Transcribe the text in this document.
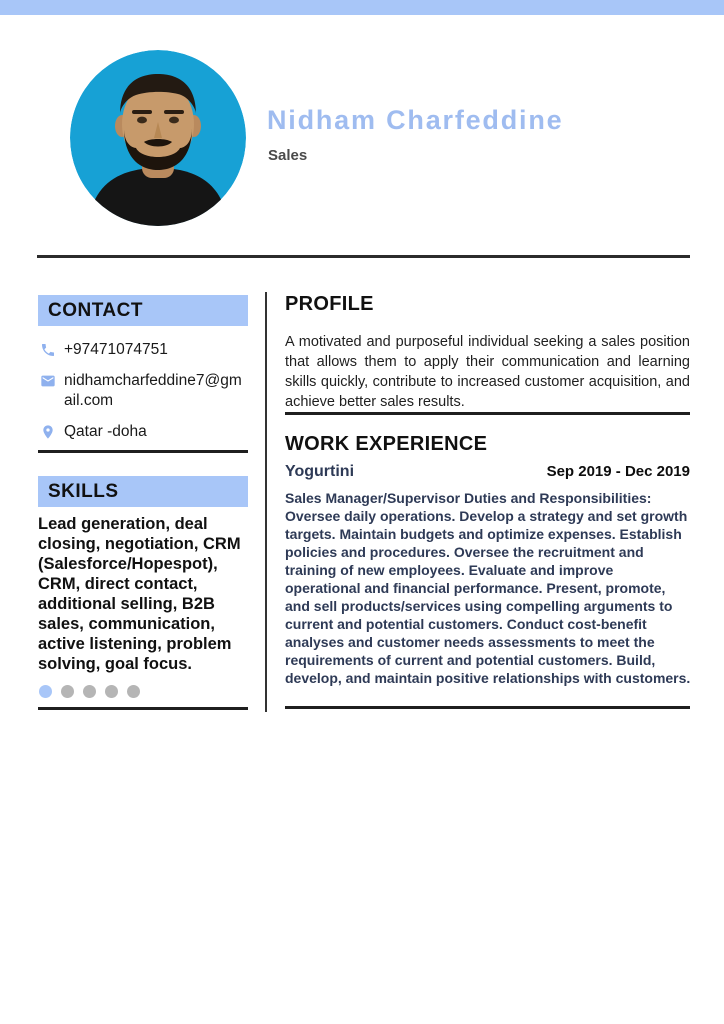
Nidham Charfeddine
Sales
CONTACT
+97471074751
nidhamcharfeddine7@gmail.com
Qatar -doha
SKILLS
Lead generation, deal closing, negotiation, CRM (Salesforce/Hopespot), CRM, direct contact, additional selling, B2B sales, communication, active listening, problem solving, goal focus.
PROFILE
A motivated and purposeful individual seeking a sales position that allows them to apply their communication and learning skills quickly, contribute to increased customer acquisition, and achieve better sales results.
WORK EXPERIENCE
Yogurtini	Sep 2019 - Dec 2019
Sales Manager/Supervisor Duties and Responsibilities: Oversee daily operations. Develop a strategy and set growth targets. Maintain budgets and optimize expenses. Establish policies and procedures. Oversee the recruitment and training of new employees. Evaluate and improve operational and financial performance. Present, promote, and sell products/services using compelling arguments to current and potential customers. Conduct cost-benefit analyses and customer needs assessments to meet the requirements of current and potential customers. Build, develop, and maintain positive relationships with customers.
